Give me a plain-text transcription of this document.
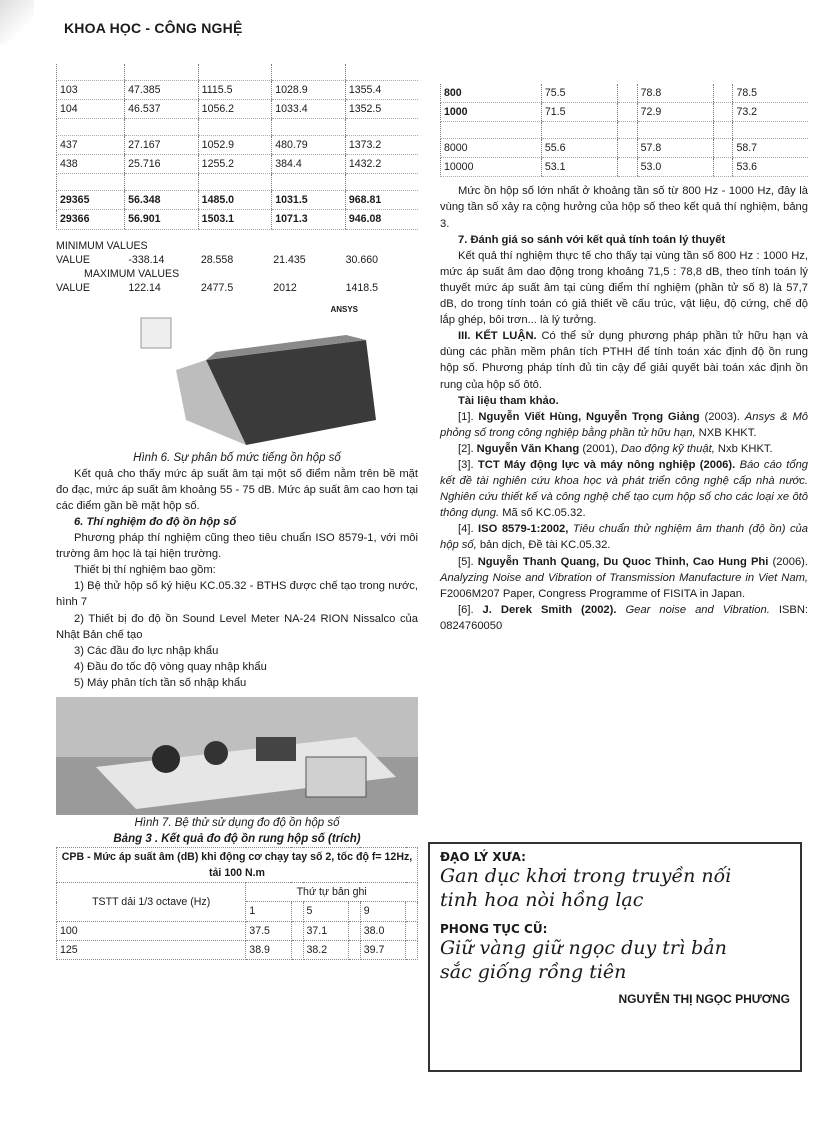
KHOA HỌC - CÔNG NGHỆ

103	47.385	1115.5	1028.9	1355.4
104	46.537	1056.2	1033.4	1352.5

437	27.167	1052.9	480.79	1373.2
438	25.716	1255.2	384.4	1432.2

29365	56.348	1485.0	1031.5	968.81
29366	56.901	1503.1	1071.3	946.08
MINIMUM VALUES
VALUE	-338.14	28.558	21.435	30.660
MAXIMUM VALUES
VALUE	122.14	2477.5	2012	1418.5
ANSYS
Hình 6. Sự phân bố mức tiếng ồn hộp số

Kết quả cho thấy mức áp suất âm tại một số điểm nằm trên bề mặt đo đạc, mức áp suất âm khoảng 55 - 75 dB. Mức áp suất âm cao hơn tại các điểm gần bề mặt hộp số.

6. Thí nghiệm đo độ ồn hộp số

Phương pháp thí nghiệm cũng theo tiêu chuẩn ISO 8579-1, với môi trường âm học là tại hiện trường.

Thiết bị thí nghiệm bao gồm:

1) Bệ thử hộp số ký hiệu KC.05.32 - BTHS được chế tạo trong nước, hình 7

2) Thiết bị đo độ ồn Sound Level Meter NA-24 RION Nissalco của Nhật Bản chế tạo

3) Các đầu đo lực nhập khẩu

4) Đầu đo tốc độ vòng quay nhập khẩu

5) Máy phân tích tần số nhập khẩu

Hình 7. Bệ thử sử dụng đo độ ồn hộp số
Bảng 3 . Kết quả đo độ ồn rung hộp số (trích)
CPB - Mức áp suất âm (dB) khi động cơ chạy tay số 2, tốc độ f= 12Hz, tải 100 N.m						
TSTT dải 1/3 octave (Hz)	Thứ tự bản ghi					
	1		5		9	
100	37.5		37.1		38.0	
125	38.9		38.2		39.7	
800	75.5		78.8		78.5
1000	71.5		72.9		73.2

8000	55.6		57.8		58.7
10000	53.1		53.0		53.6

Mức ồn hộp số lớn nhất ở khoảng tần số từ 800 Hz - 1000 Hz, đây là vùng tần số xảy ra cộng hưởng của hộp số theo kết quả thí nghiệm, bảng 3.

7. Đánh giá so sánh với kết quả tính toán lý thuyết

Kết quả thí nghiệm thực tế cho thấy tại vùng tần số 800 Hz : 1000 Hz, mức áp suất âm dao động trong khoảng 71,5 : 78,8 dB, theo tính toán lý thuyết mức áp suất âm tại cùng điểm thí nghiệm (phần tử số 8) là 57,7 dB, do trong tính toán có giả thiết về cấu trúc, vật liệu, độ cứng, chế độ lắp ghép, bôi trơn... là lý tưởng.

III. KẾT LUẬN. Có thể sử dụng phương pháp phần tử hữu hạn và dùng các phần mềm phân tích PTHH để tính toán xác định độ ồn rung hộp số. Phương pháp tính đủ tin cậy để giải quyết bài toán xác định ồn rung của hộp số ôtô.

Tài liệu tham khảo.

[1]. Nguyễn Viết Hùng, Nguyễn Trọng Giảng (2003). Ansys & Mô phỏng số trong công nghiệp bằng phần tử hữu hạn, NXB KHKT.

[2]. Nguyễn Văn Khang (2001), Dao động kỹ thuật, Nxb KHKT.

[3]. TCT Máy động lực và máy nông nghiệp (2006). Báo cáo tổng kết đề tài nghiên cứu khoa học và phát triển công nghệ cấp nhà nước. Nghiên cứu thiết kế và công nghệ chế tạo cụm hộp số cho các loại xe ôtô thông dụng. Mã số KC.05.32.

[4]. ISO 8579-1:2002, Tiêu chuẩn thử nghiệm âm thanh (độ ồn) của hộp số, bản dịch, Đề tài KC.05.32.

[5]. Nguyễn Thanh Quang, Du Quoc Thinh, Cao Hung Phi (2006). Analyzing Noise and Vibration of Transmission Manufacture in Viet Nam, F2006M207 Paper, Congress Programme of FISITA in Japan.

[6]. J. Derek Smith (2002). Gear noise and Vibration. ISBN: 0824760050

ĐẠO LÝ XƯA:
Gan dục khơi trong truyền nối
tinh hoa nòi hồng lạc
PHONG TỤC CŨ:
Giữ vàng giữ ngọc duy trì bản
sắc giống rồng tiên
NGUYỄN THỊ NGỌC PHƯƠNG
